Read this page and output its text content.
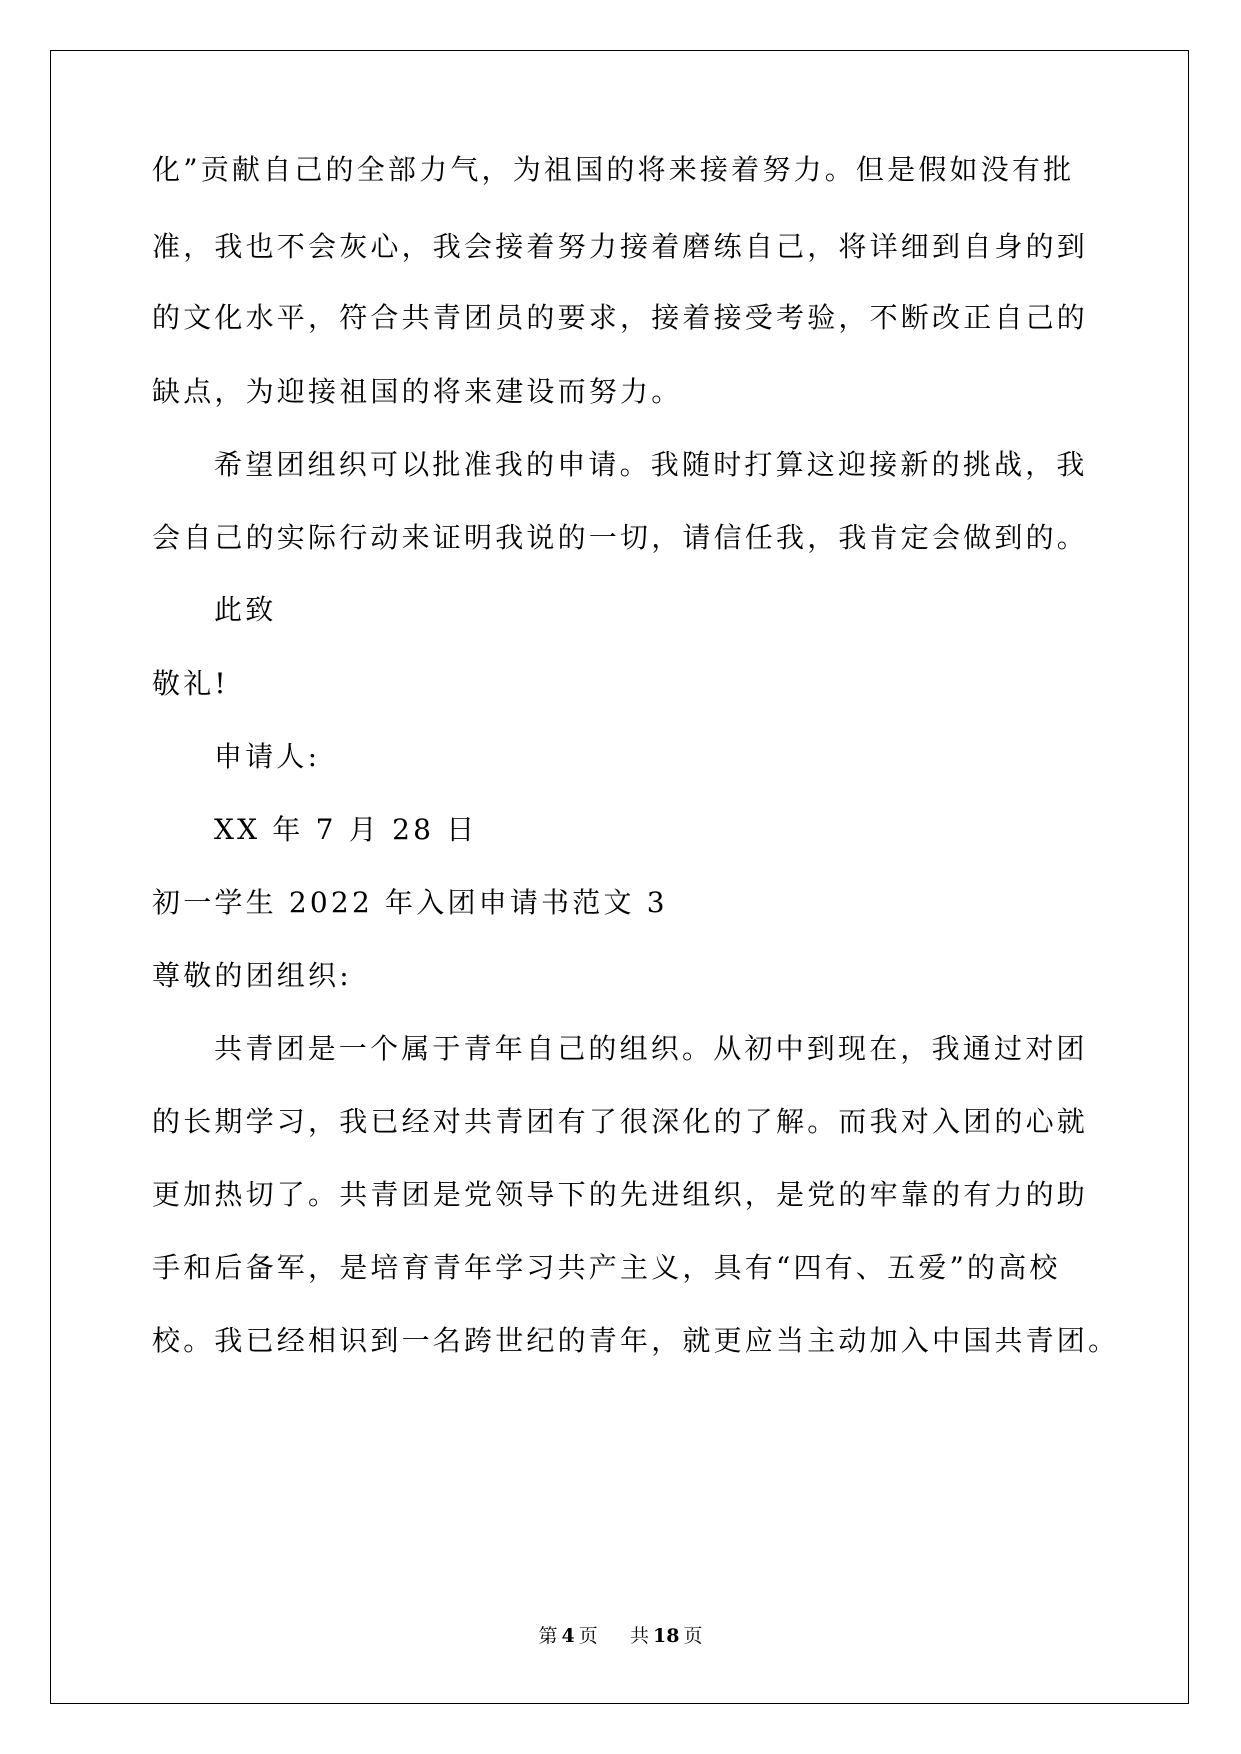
化”贡献自己的全部力气，为祖国的将来接着努力。但是假如没有批

准，我也不会灰心，我会接着努力接着磨练自己，将详细到自身的到

的文化水平，符合共青团员的要求，接着接受考验，不断改正自己的

缺点，为迎接祖国的将来建设而努力。

希望团组织可以批准我的申请。我随时打算这迎接新的挑战，我

会自己的实际行动来证明我说的一切，请信任我，我肯定会做到的。

此致

敬礼!

申请人:

XX 年 7 月 28 日

初一学生 2022 年入团申请书范文 3

尊敬的团组织:

共青团是一个属于青年自己的组织。从初中到现在，我通过对团

的长期学习，我已经对共青团有了很深化的了解。而我对入团的心就

更加热切了。共青团是党领导下的先进组织，是党的牢靠的有力的助

手和后备军，是培育青年学习共产主义，具有“四有、五爱”的高校

校。我已经相识到一名跨世纪的青年，就更应当主动加入中国共青团。

第 4 页 共 18 页
